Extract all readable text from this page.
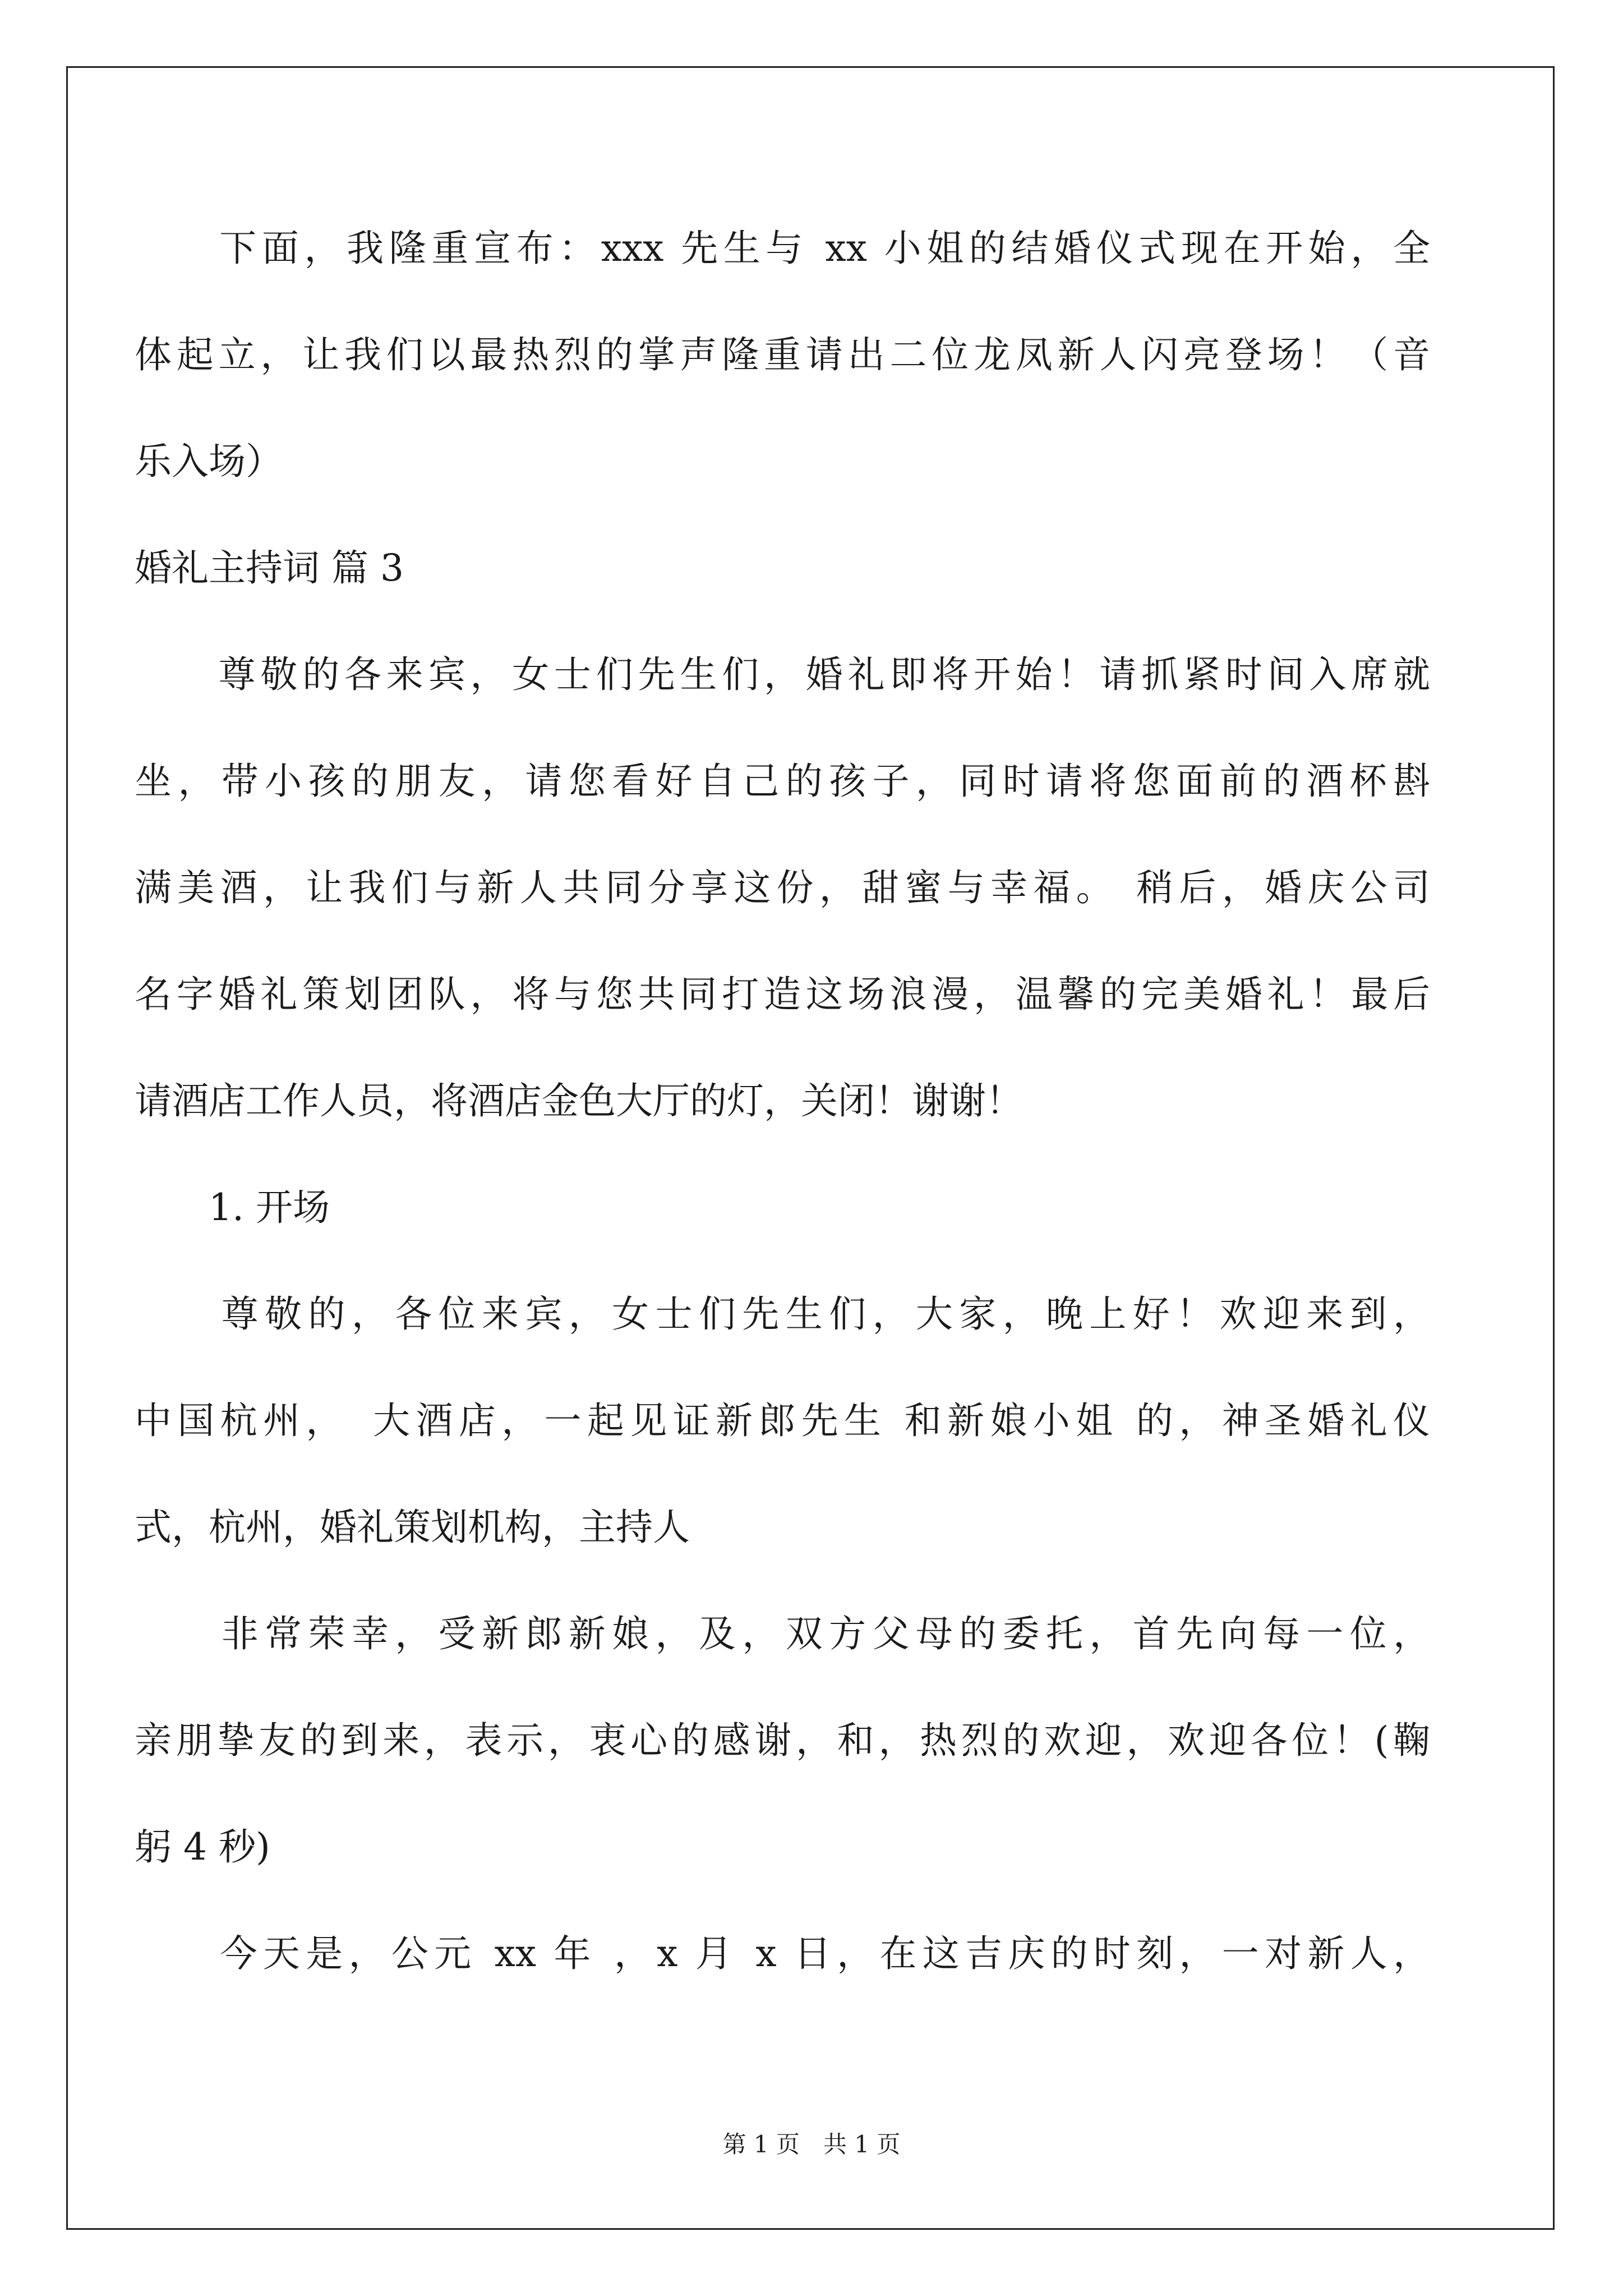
　　下面，我隆重宣布：xxx 先生与 xx 小姐的结婚仪式现在开始，全
体起立，让我们以最热烈的掌声隆重请出二位龙凤新人闪亮登场！（音
乐入场）
婚礼主持词 篇 3
　　尊敬的各来宾，女士们先生们，婚礼即将开始！请抓紧时间入席就
坐，带小孩的朋友，请您看好自己的孩子，同时请将您面前的酒杯斟
满美酒，让我们与新人共同分享这份，甜蜜与幸福。 稍后，婚庆公司
名字婚礼策划团队，将与您共同打造这场浪漫，温馨的完美婚礼！最后
请酒店工作人员，将酒店金色大厅的灯，关闭！谢谢！
　　1. 开场
　　尊敬的，各位来宾，女士们先生们，大家，晚上好！欢迎来到，
中国杭州，　大酒店，一起见证新郎先生 和新娘小姐 的，神圣婚礼仪
式，杭州，婚礼策划机构，主持人
　　非常荣幸，受新郎新娘，及，双方父母的委托，首先向每一位，
亲朋挚友的到来，表示，衷心的感谢，和，热烈的欢迎，欢迎各位！(鞠
躬 4 秒)
　　今天是，公元 xx 年 ，x 月 x 日，在这吉庆的时刻，一对新人，
第 1 页　共 1 页
